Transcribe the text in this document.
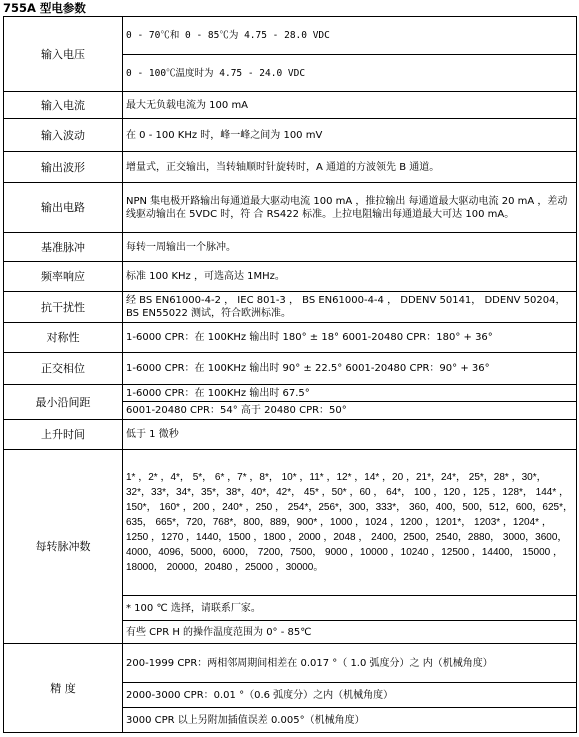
755A 型电参数
输入电压	0 - 70℃和 0 - 85℃为 4.75 - 28.0 VDC
	0 - 100℃温度时为 4.75 - 24.0 VDC
输入电流	最大无负载电流为 100 mA
输入波动	在 0 - 100 KHz 时，峰一峰之间为 100 mV
输出波形	增量式，正交输出，当转轴顺时针旋转时，A 通道的方波领先 B 通道。
输出电路	NPN 集电极开路输出每通道最大驱动电流 100 mA ，推拉输出 每通道最大驱动电流 20 mA ，差动线驱动输出在 5VDC 时，符 合 RS422 标准。上拉电阻输出每通道最大可达 100 mA。
基准脉冲	每转一周输出一个脉冲。
频率响应	标准 100 KHz ，可选高达 1MHz。
抗干扰性	经 BS EN61000-4-2 ， IEC 801-3 ， BS EN61000-4-4 ， DDENV 50141， DDENV 50204，BS EN55022 测试，符合欧洲标准。
对称性	1-6000 CPR：在 100KHz 输出时 180° ± 18° 6001-20480 CPR：180° + 36°
正交相位	1-6000 CPR：在 100KHz 输出时 90° ± 22.5° 6001-20480 CPR：90° + 36°
最小沿间距	1-6000 CPR：在 100KHz 输出时 67.5°
	6001-20480 CPR：54° 高于 20480 CPR：50°
上升时间	低于 1 微秒
每转脉冲数	1* ，2* ，4*， 5*， 6* ，7* ，8*， 10* ，11* ，12* ，14* ，20 ，21*，24*， 25*，28* ，30*， 32*，33*，34*，35*，38*，40*，42*， 45* ，50* ，60 ， 64*， 100 ，120 ，125 ，128*， 144* ，150*， 160* ，200 ，240* ，250 ， 254*，256*，300，333*， 360，400，500，512，600，625*，635， 665*，720，768*，800，889，900* ，1000 ，1024 ，1200 ，1201*， 1203* ，1204* ，1250 ，1270 ，1440，1500 ，1800 ，2000 ，2048 ， 2400，2500，2540，2880， 3000，3600，4000，4096，5000，6000， 7200，7500， 9000 ，10000 ，10240 ，12500 ，14400， 15000 ，18000， 20000，20480 ，25000 ，30000。
	* 100 ℃ 选择，请联系厂家。
	有些 CPR H 的操作温度范围为 0° - 85℃
精 度	200-1999 CPR：两相邻周期间相差在 0.017 °（ 1.0 弧度分）之 内（机械角度）
	2000-3000 CPR：0.01 °（0.6 弧度分）之内（机械角度）
	3000 CPR 以上另附加插值误差 0.005°（机械角度）
